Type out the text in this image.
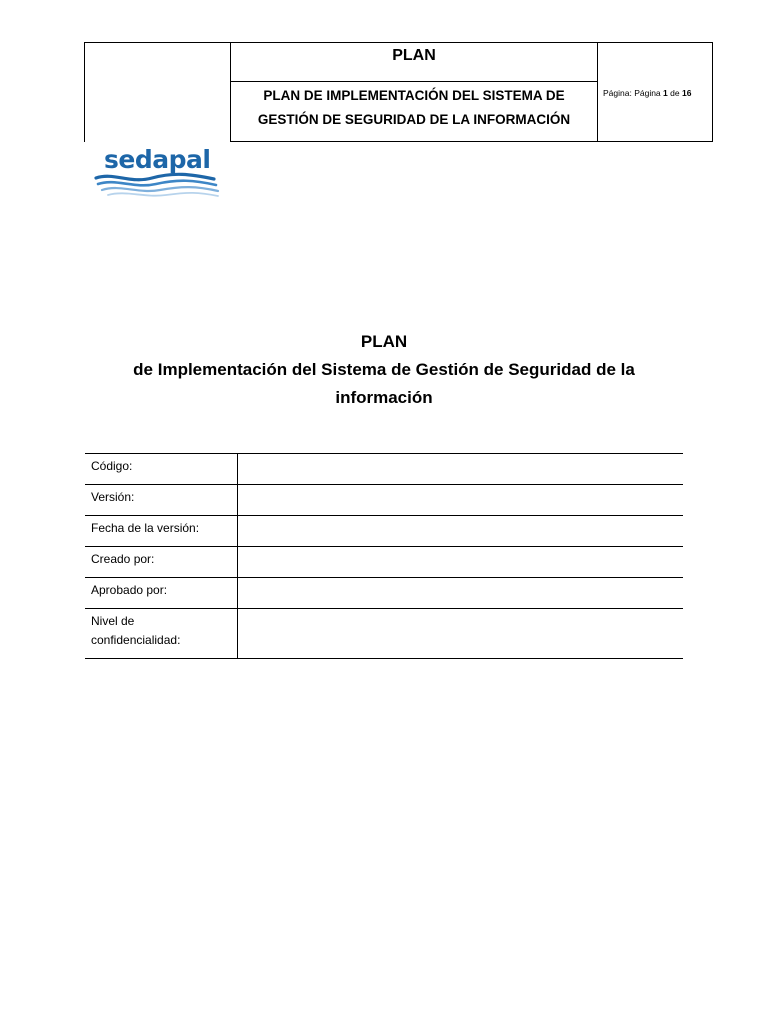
PLAN
PLAN DE IMPLEMENTACIÓN DEL SISTEMA DE
GESTIÓN DE SEGURIDAD DE LA INFORMACIÓN
Página: Página 1 de 16
sedapal
PLAN
de Implementación del Sistema de Gestión de Seguridad de la
información
Código:
Versión:
Fecha de la versión:
Creado por:
Aprobado por:
Nivel de
confidencialidad:
